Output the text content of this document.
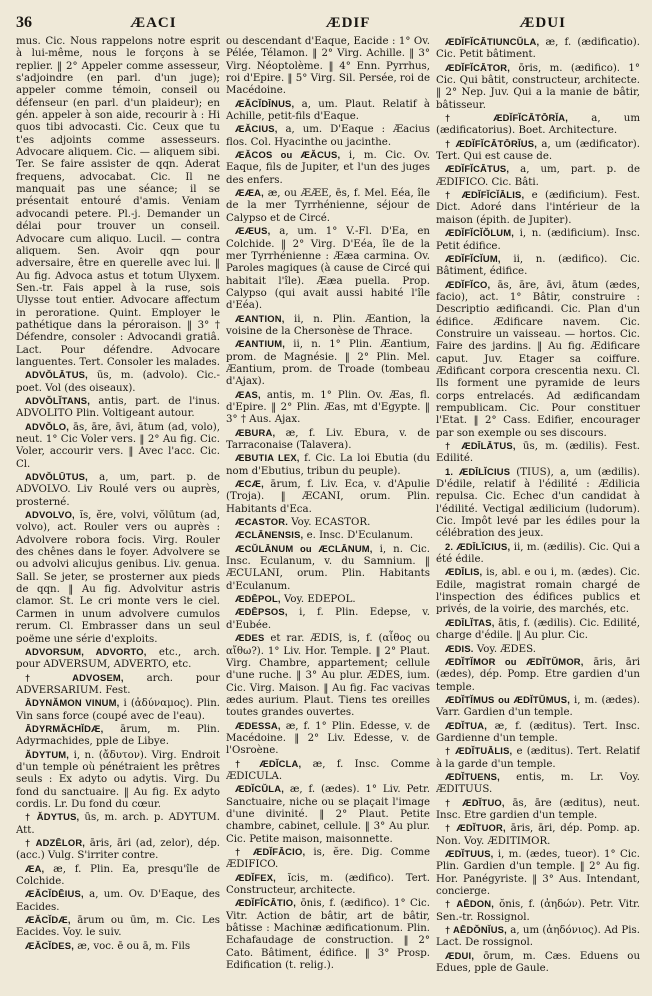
36	ÆACI	ÆDIF	ÆDUI

mus. Cic. Nous rappelons notre esprit à lui-même, nous le forçons à se replier. ‖ 2° Appeler comme assesseur, s'adjoindre (en parl. d'un juge); appeler comme témoin, conseil ou défenseur (en parl. d'un plaideur); en gén. appeler à son aide, recourir à : Hi quos tibi advocasti. Cic. Ceux que tu t'es adjoints comme assesseurs. Advocare aliquem. Cic. — aliquem sibi. Ter. Se faire assister de qqn. Aderat frequens, advocabat. Cic. Il ne manquait pas une séance; il se présentait entouré d'amis. Veniam advocandi petere. Pl.-j. Demander un délai pour trouver un conseil. Advocare cum aliquo. Lucil. — contra aliquem. Sen. Avoir qqn pour adversaire, être en querelle avec lui. ‖ Au fig. Advoca astus et totum Ulyxem. Sen.-tr. Fais appel à la ruse, sois Ulysse tout entier. Advocare affectum in peroratione. Quint. Employer le pathétique dans la péroraison. ‖ 3° † Défendre, consoler : Advocandi gratiâ. Lact. Pour défendre. Advocare languentes. Tert. Consoler les malades.

ADVŎLĀTUS, ūs, m. (advolo). Cic.-poet. Vol (des oiseaux).

ADVŎLĬTANS, antis, part. de l'inus. ADVOLITO Plin. Voltigeant autour.

ADVŎLO, ās, āre, āvi, ātum (ad, volo), neut. 1° Cic Voler vers. ‖ 2° Au fig. Cic. Voler, accourir vers. ‖ Avec l'acc. Cic. Cl.

ADVŎLŪTUS, a, um, part. p. de ADVOLVO. Liv Roulé vers ou auprès, prosterné.

ADVOLVO, ĭs, ĕre, volvi, vŏlūtum (ad, volvo), act. Rouler vers ou auprès : Advolvere robora focis. Virg. Rouler des chênes dans le foyer. Advolvere se ou advolvi alicujus genibus. Liv. genua. Sall. Se jeter, se prosterner aux pieds de qqn. ‖ Au fig. Advolvitur astris clamor. St. Le cri monte vers le ciel. Carmen in unum advolvere cumulos rerum. Cl. Embrasser dans un seul poëme une série d'exploits.

ADVORSUM, ADVORTO, etc., arch. pour ADVERSUM, ADVERTO, etc.

† ADVOSEM, arch. pour ADVERSARIUM. Fest.

ĀDYNĂMON VINUM, i (ἀδύναμος). Plin. Vin sans force (coupé avec de l'eau).

ĀDYRMĂCHĬDÆ, ārum, m. Plin. Adyrmachides, pple de Libye.

ĂDYTUM, i, n. (ἄδυτον). Virg. Endroit d'un temple où pénétraient les prêtres seuls : Ex adyto ou adytis. Virg. Du fond du sanctuaire. ‖ Au fig. Ex adyto cordis. Lr. Du fond du cœur.

† ĂDYTUS, ūs, m. arch. p. ADYTUM. Att.

† ADZĒLOR, āris, āri (ad, zelor), dép. (acc.) Vulg. S'irriter contre.

ÆA, æ, f. Plin. Ea, presqu'île de Colchide.

ÆĂCĬDĒIUS, a, um. Ov. D'Eaque, des Eacides.

ÆĂCĬDÆ, ārum ou ūm, m. Cic. Les Eacides. Voy. le suiv.

ÆĂCĬDES, æ, voc. ē ou ā, m. Fils

ou descendant d'Eaque, Eacide : 1° Ov. Pélée, Télamon. ‖ 2° Virg. Achille. ‖ 3° Virg. Néoptolème. ‖ 4° Enn. Pyrrhus, roi d'Epire. ‖ 5° Virg. Sil. Persée, roi de Macédoine.

ÆĂCĬDĪNUS, a, um. Plaut. Relatif à Achille, petit-fils d'Eaque.

ÆĂCIUS, a, um. D'Eaque : Æacius flos. Col. Hyacinthe ou jacinthe.

ÆĂCOS ou ÆĂCUS, i, m. Cic. Ov. Eaque, fils de Jupiter, et l'un des juges des enfers.

ÆÆA, æ, ou ÆÆE, ēs, f. Mel. Eéa, île de la mer Tyrrhénienne, séjour de Calypso et de Circé.

ÆÆUS, a, um. 1° V.-Fl. D'Ea, en Colchide. ‖ 2° Virg. D'Eéa, île de la mer Tyrrhénienne : Ææa carmina. Ov. Paroles magiques (à cause de Circé qui habitait l'île). Ææa puella. Prop. Calypso (qui avait aussi habité l'île d'Eéa).

ÆANTION, ii, n. Plin. Æantion, la voisine de la Chersonèse de Thrace.

ÆANTIUM, ii, n. 1° Plin. Æantium, prom. de Magnésie. ‖ 2° Plin. Mel. Æantium, prom. de Troade (tombeau d'Ajax).

ÆAS, antis, m. 1° Plin. Ov. Æas, fl. d'Epire. ‖ 2° Plin. Æas, mt d'Egypte. ‖ 3° † Aus. Ajax.

ÆBURA, æ, f. Liv. Ebura, v. de Tarraconaise (Talavera).

ÆBUTIA LEX, f. Cic. La loi Ebutia (du nom d'Ebutius, tribun du peuple).

ÆCÆ, ārum, f. Liv. Eca, v. d'Apulie (Troja). ‖ ÆCANI, orum. Plin. Habitants d'Eca.

ÆCASTOR. Voy. ECASTOR.

ÆCLĀNENSIS, e. Insc. D'Eculanum.

ÆCŬLĀNUM ou ÆCLĀNUM, i, n. Cic. Insc. Eculanum, v. du Samnium. ‖ ÆCULANI, orum. Plin. Habitants d'Eculanum.

ÆDĒPOL, Voy. EDEPOL.

ÆDĒPSOS, i, f. Plin. Edepse, v. d'Eubée.

ÆDES et rar. ÆDIS, is, f. (αἶθος ou αἴθω?). 1° Liv. Hor. Temple. ‖ 2° Plaut. Virg. Chambre, appartement; cellule d'une ruche. ‖ 3° Au plur. ÆDES, ium. Cic. Virg. Maison. ‖ Au fig. Fac vacivas ædes aurium. Plaut. Tiens tes oreilles toutes grandes ouvertes.

ÆDESSA, æ, f. 1° Plin. Edesse, v. de Macédoine. ‖ 2° Liv. Edesse, v. de l'Osroène.

† ÆDĬCLA, æ, f. Insc. Comme ÆDICULA.

ÆDĬCŬLA, æ, f. (ædes). 1° Liv. Petr. Sanctuaire, niche ou se plaçait l'image d'une divinité. ‖ 2° Plaut. Petite chambre, cabinet, cellule. ‖ 3° Au plur. Cic. Petite maison, maisonnette.

† ÆDĬFĀCIO, is, ĕre. Dig. Comme ÆDIFICO.

ÆDĬFEX, ĭcis, m. (ædifico). Tert. Constructeur, architecte.

ÆDĬFĬCĀTIO, ōnis, f. (ædifico). 1° Cic. Vitr. Action de bâtir, art de bâtir, bâtisse : Machinæ ædificationum. Plin. Echafaudage de construction. ‖ 2° Cato. Bâtiment, édifice. ‖ 3° Prosp. Edification (t. relig.).

ÆDĬFĬCĀTIUNCŬLA, æ, f. (ædificatio). Cic. Petit bâtiment.

ÆDĬFĬCĀTOR, ōris, m. (ædifico). 1° Cic. Qui bâtit, constructeur, architecte. ‖ 2° Nep. Juv. Qui a la manie de bâtir, bâtisseur.

† ÆDĬFĬCĀTŌRĬA, a, um (ædificatorius). Boet. Architecture.

† ÆDĬFĬCĀTŌRĬUS, a, um (ædificator). Tert. Qui est cause de.

ÆDĬFĬCĀTUS, a, um, part. p. de ÆDIFICO. Cic. Bâti.

† ÆDĬFĬCĬĀLIS, e (ædificium). Fest. Dict. Adoré dans l'intérieur de la maison (épith. de Jupiter).

ÆDĬFĬCĬŎLUM, i, n. (ædificium). Insc. Petit édifice.

ÆDĬFĬCĬUM, ii, n. (ædifico). Cic. Bâtiment, édifice.

ÆDĬFĬCO, ās, āre, āvi, ātum (ædes, facio), act. 1° Bâtir, construire : Descriptio ædificandi. Cic. Plan d'un édifice. Ædificare navem. Cic. Construire un vaisseau. — hortos. Cic. Faire des jardins. ‖ Au fig. Ædificare caput. Juv. Etager sa coiffure. Ædificant corpora crescentia nexu. Cl. Ils forment une pyramide de leurs corps entrelacés. Ad ædificandam rempublicam. Cic. Pour constituer l'Etat. ‖ 2° Cass. Edifier, encourager par son exemple ou ses discours.

† ÆDĪLĀTUS, ūs, m. (ædilis). Fest. Edilité.

1. ÆDĪLĬCIUS (TIUS), a, um (ædilis). D'édile, relatif à l'édilité : Ædilicia repulsa. Cic. Echec d'un candidat à l'édilité. Vectigal ædilicium (ludorum). Cic. Impôt levé par les édiles pour la célébration des jeux.

2. ÆDĪLĬCIUS, ii, m. (ædilis). Cic. Qui a été édile.

ÆDĪLIS, is, abl. e ou i, m. (ædes). Cic. Edile, magistrat romain chargé de l'inspection des édifices publics et privés, de la voirie, des marchés, etc.

ÆDĪLĬTAS, ātis, f. (ædilis). Cic. Edilité, charge d'édile. ‖ Au plur. Cic.

ÆDIS. Voy. ÆDES.

ÆDĬTĬMOR ou ÆDĬTŬMOR, āris, āri (ædes), dép. Pomp. Etre gardien d'un temple.

ÆDĬTĬMUS ou ÆDĬTŬMUS, i, m. (ædes). Varr. Gardien d'un temple.

ÆDĬTUA, æ, f. (æditus). Tert. Insc. Gardienne d'un temple.

† ÆDĬTUĀLIS, e (æditus). Tert. Relatif à la garde d'un temple.

ÆDĬTUENS, entis, m. Lr. Voy. ÆDITUUS.

† ÆDĬTUO, ās, āre (æditus), neut. Insc. Etre gardien d'un temple.

† ÆDĬTUOR, āris, āri, dép. Pomp. ap. Non. Voy. ÆDITIMOR.

ÆDĬTUUS, i, m. (ædes, tueor). 1° Cic. Plin. Gardien d'un temple. ‖ 2° Au fig. Hor. Panégyriste. ‖ 3° Aus. Intendant, concierge.

† AĒDON, ŏnis, f. (ἀηδών). Petr. Vitr. Sen.-tr. Rossignol.

† AĒDŎNĬUS, a, um (ἀηδόνιος). Ad Pis. Lact. De rossignol.

ÆDUI, ōrum, m. Cæs. Eduens ou Edues, pple de Gaule.
